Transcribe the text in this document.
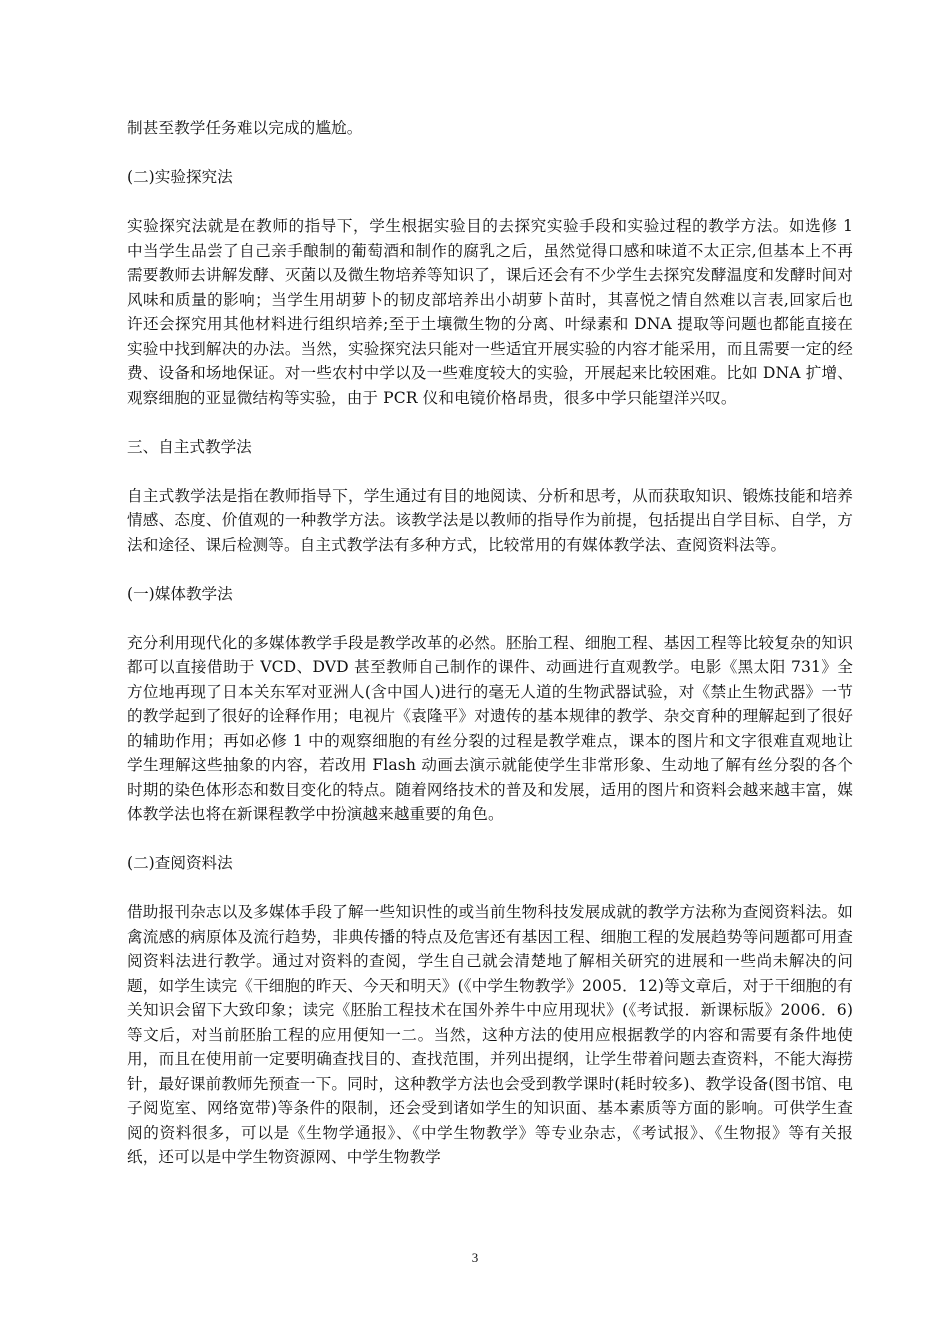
制甚至教学任务难以完成的尴尬。

(二)实验探究法

实验探究法就是在教师的指导下，学生根据实验目的去探究实验手段和实验过程的教学方法。如选修 1 中当学生品尝了自己亲手酿制的葡萄酒和制作的腐乳之后，虽然觉得口感和味道不太正宗,但基本上不再需要教师去讲解发酵、灭菌以及微生物培养等知识了，课后还会有不少学生去探究发酵温度和发酵时间对风味和质量的影响；当学生用胡萝卜的韧皮部培养出小胡萝卜苗时，其喜悦之情自然难以言表,回家后也许还会探究用其他材料进行组织培养;至于土壤微生物的分离、叶绿素和 DNA 提取等问题也都能直接在实验中找到解决的办法。当然，实验探究法只能对一些适宜开展实验的内容才能采用，而且需要一定的经费、设备和场地保证。对一些农村中学以及一些难度较大的实验，开展起来比较困难。比如 DNA 扩增、观察细胞的亚显微结构等实验，由于 PCR 仪和电镜价格昂贵，很多中学只能望洋兴叹。

三、自主式教学法

自主式教学法是指在教师指导下，学生通过有目的地阅读、分析和思考，从而获取知识、锻炼技能和培养情感、态度、价值观的一种教学方法。该教学法是以教师的指导作为前提，包括提出自学目标、自学，方法和途径、课后检测等。自主式教学法有多种方式，比较常用的有媒体教学法、查阅资料法等。

(一)媒体教学法

充分利用现代化的多媒体教学手段是教学改革的必然。胚胎工程、细胞工程、基因工程等比较复杂的知识都可以直接借助于 VCD、DVD 甚至教师自己制作的课件、动画进行直观教学。电影《黑太阳 731》全方位地再现了日本关东军对亚洲人(含中国人)进行的毫无人道的生物武器试验，对《禁止生物武器》一节的教学起到了很好的诠释作用；电视片《袁隆平》对遗传的基本规律的教学、杂交育种的理解起到了很好的辅助作用；再如必修 1 中的观察细胞的有丝分裂的过程是教学难点，课本的图片和文字很难直观地让学生理解这些抽象的内容，若改用 Flash 动画去演示就能使学生非常形象、生动地了解有丝分裂的各个时期的染色体形态和数目变化的特点。随着网络技术的普及和发展，适用的图片和资料会越来越丰富，媒体教学法也将在新课程教学中扮演越来越重要的角色。

(二)查阅资料法

借助报刊杂志以及多媒体手段了解一些知识性的或当前生物科技发展成就的教学方法称为查阅资料法。如禽流感的病原体及流行趋势，非典传播的特点及危害还有基因工程、细胞工程的发展趋势等问题都可用查阅资料法进行教学。通过对资料的查阅，学生自己就会清楚地了解相关研究的进展和一些尚未解决的问题，如学生读完《干细胞的昨天、今天和明天》(《中学生物教学》2005．12)等文章后，对于干细胞的有关知识会留下大致印象；读完《胚胎工程技术在国外养牛中应用现状》(《考试报．新课标版》2006．6)等文后，对当前胚胎工程的应用便知一二。当然，这种方法的使用应根据教学的内容和需要有条件地使用，而且在使用前一定要明确查找目的、查找范围，并列出提纲，让学生带着问题去查资料，不能大海捞针，最好课前教师先预查一下。同时，这种教学方法也会受到教学课时(耗时较多)、教学设备(图书馆、电子阅览室、网络宽带)等条件的限制，还会受到诸如学生的知识面、基本素质等方面的影响。可供学生查阅的资料很多，可以是《生物学通报》、《中学生物教学》等专业杂志，《考试报》、《生物报》等有关报纸，还可以是中学生物资源网、中学生物教学

3
